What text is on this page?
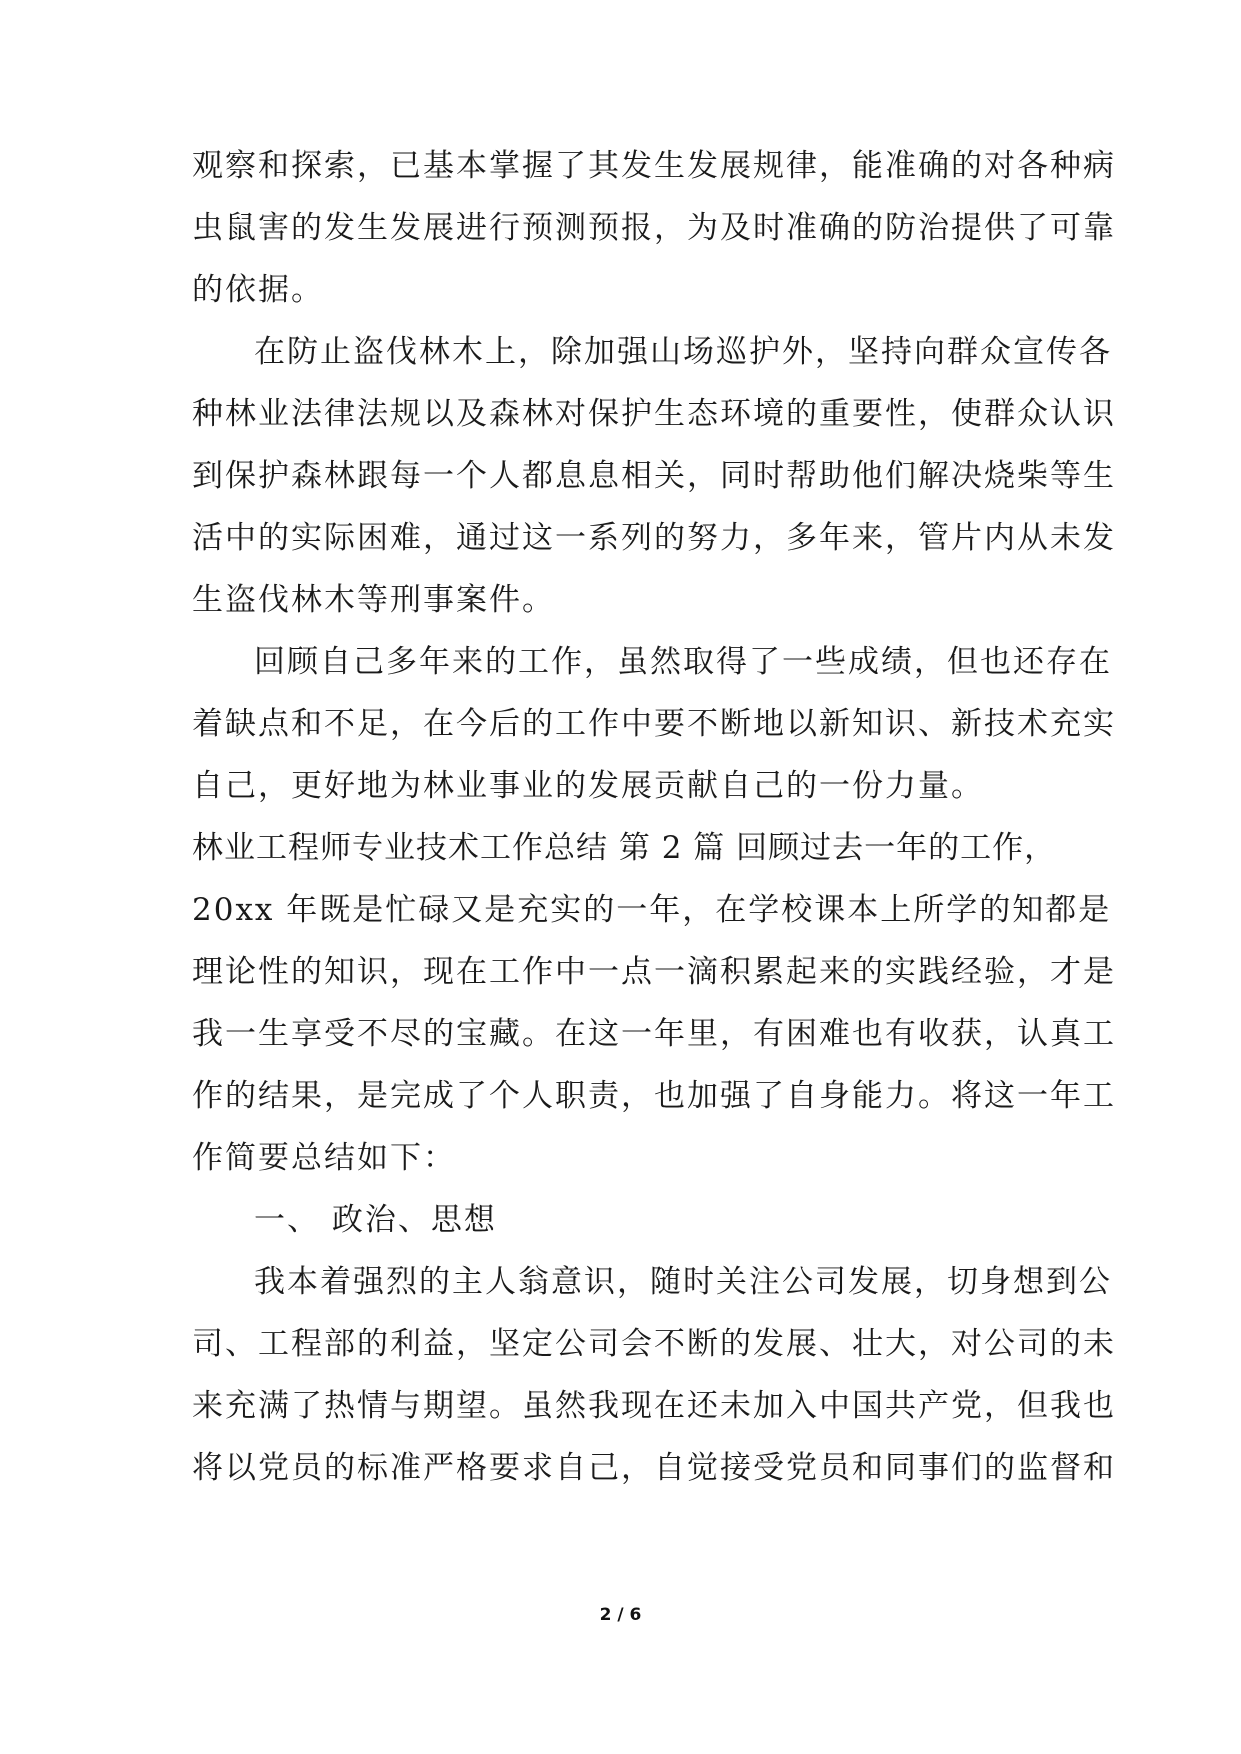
观察和探索，已基本掌握了其发生发展规律，能准确的对各种病
虫鼠害的发生发展进行预测预报，为及时准确的防治提供了可靠
的依据。
在防止盗伐林木上，除加强山场巡护外，坚持向群众宣传各
种林业法律法规以及森林对保护生态环境的重要性，使群众认识
到保护森林跟每一个人都息息相关，同时帮助他们解决烧柴等生
活中的实际困难，通过这一系列的努力，多年来，管片内从未发
生盗伐林木等刑事案件。
回顾自己多年来的工作，虽然取得了一些成绩，但也还存在
着缺点和不足，在今后的工作中要不断地以新知识、新技术充实
自己，更好地为林业事业的发展贡献自己的一份力量。
林业工程师专业技术工作总结 第 2 篇 回顾过去一年的工作，
20xx 年既是忙碌又是充实的一年，在学校课本上所学的知都是
理论性的知识，现在工作中一点一滴积累起来的实践经验，才是
我一生享受不尽的宝藏。在这一年里，有困难也有收获，认真工
作的结果，是完成了个人职责，也加强了自身能力。将这一年工
作简要总结如下：
一、 政治、思想
我本着强烈的主人翁意识，随时关注公司发展，切身想到公
司、工程部的利益，坚定公司会不断的发展、壮大，对公司的未
来充满了热情与期望。虽然我现在还未加入中国共产党，但我也
将以党员的标准严格要求自己，自觉接受党员和同事们的监督和
2 / 6
